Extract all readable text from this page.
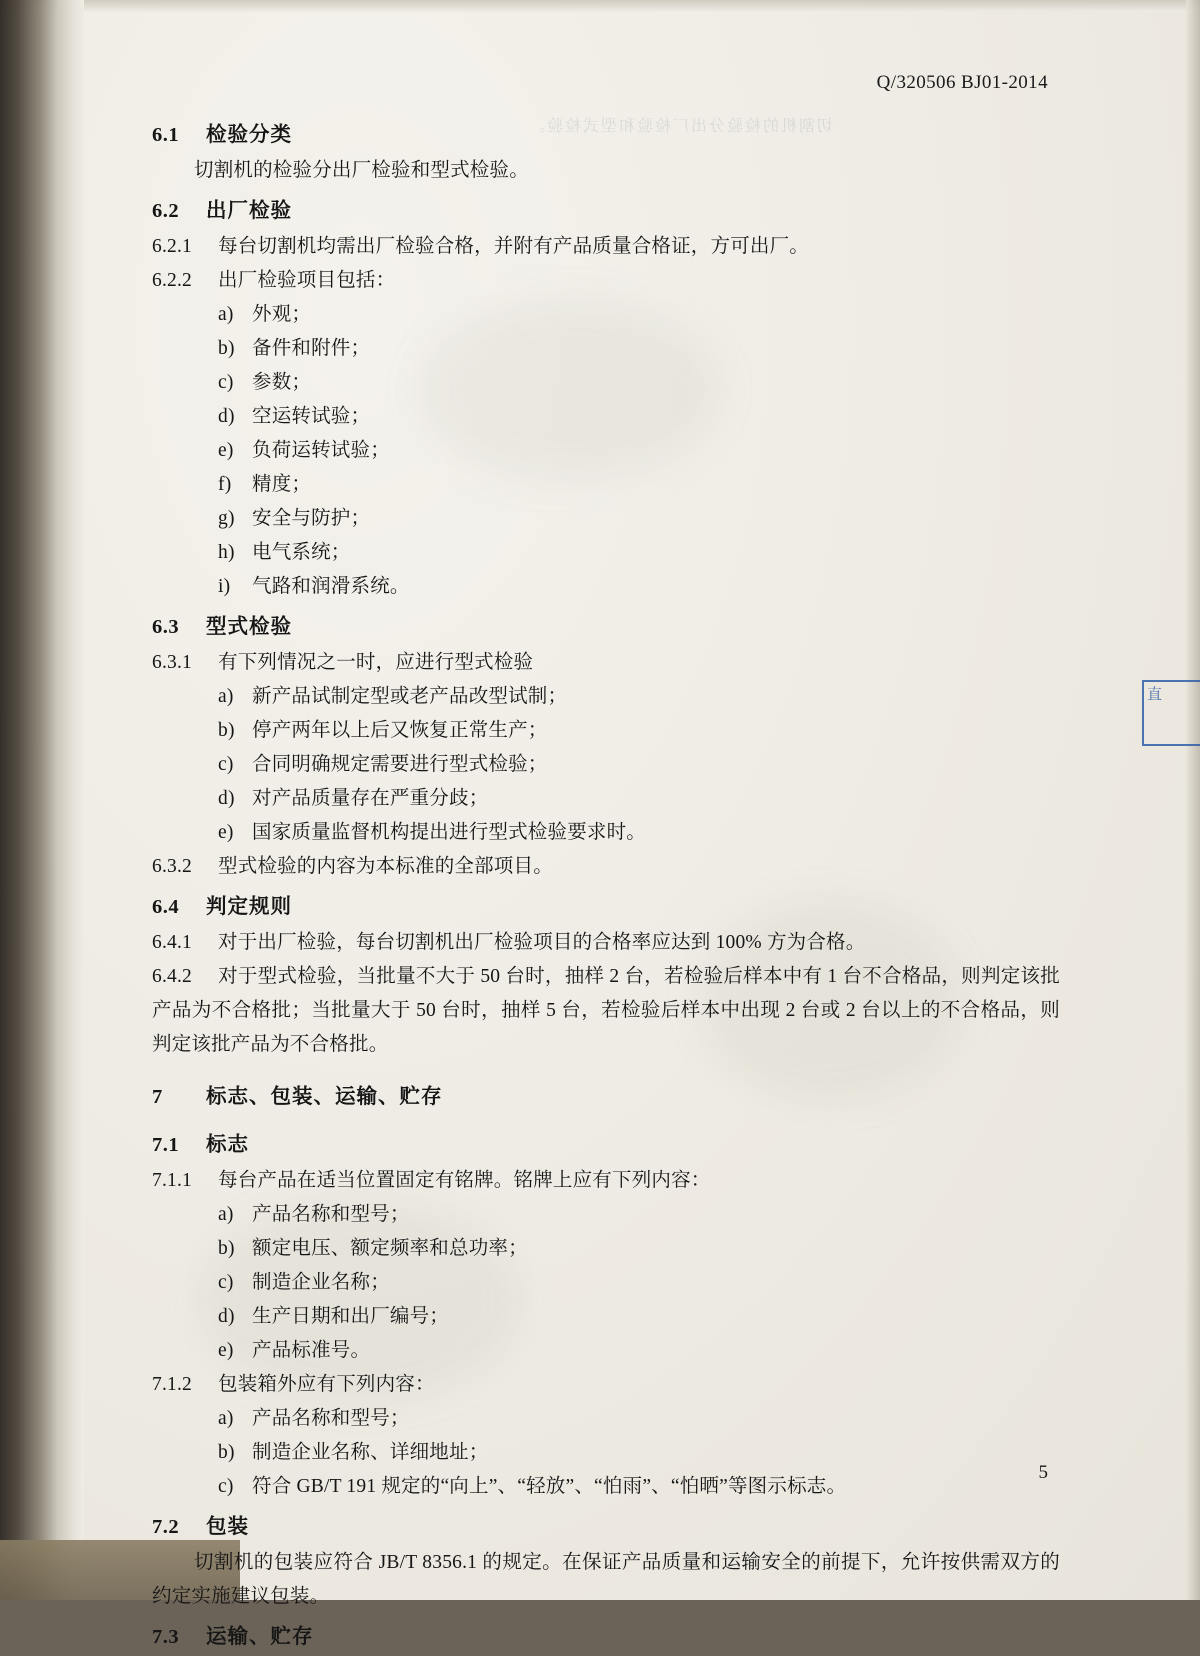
切割机的检验分出厂检验和型式检验。
直
Q/320506 BJ01-2014
6.1 检验分类

切割机的检验分出厂检验和型式检验。

6.2 出厂检验

6.2.1 每台切割机均需出厂检验合格，并附有产品质量合格证，方可出厂。

6.2.2 出厂检验项目包括：

a) 外观；
b) 备件和附件；
c) 参数；
d) 空运转试验；
e) 负荷运转试验；
f) 精度；
g) 安全与防护；
h) 电气系统；
i) 气路和润滑系统。
6.3 型式检验

6.3.1 有下列情况之一时，应进行型式检验

a) 新产品试制定型或老产品改型试制；
b) 停产两年以上后又恢复正常生产；
c) 合同明确规定需要进行型式检验；
d) 对产品质量存在严重分歧；
e) 国家质量监督机构提出进行型式检验要求时。

6.3.2 型式检验的内容为本标准的全部项目。

6.4 判定规则

6.4.1 对于出厂检验，每台切割机出厂检验项目的合格率应达到 100% 方为合格。

6.4.2 对于型式检验，当批量不大于 50 台时，抽样 2 台，若检验后样本中有 1 台不合格品，则判定该批产品为不合格批；当批量大于 50 台时，抽样 5 台，若检验后样本中出现 2 台或 2 台以上的不合格品，则判定该批产品为不合格批。

7 标志、包装、运输、贮存
7.1 标志

7.1.1 每台产品在适当位置固定有铭牌。铭牌上应有下列内容：

a) 产品名称和型号；
b) 额定电压、额定频率和总功率；
c) 制造企业名称；
d) 生产日期和出厂编号；
e) 产品标准号。

7.1.2 包装箱外应有下列内容：

a) 产品名称和型号；
b) 制造企业名称、详细地址；
c) 符合 GB/T 191 规定的“向上”、“轻放”、“怕雨”、“怕晒”等图示标志。
7.2 包装

切割机的包装应符合 JB/T 8356.1 的规定。在保证产品质量和运输安全的前提下，允许按供需双方的约定实施建议包装。

7.3 运输、贮存
5
